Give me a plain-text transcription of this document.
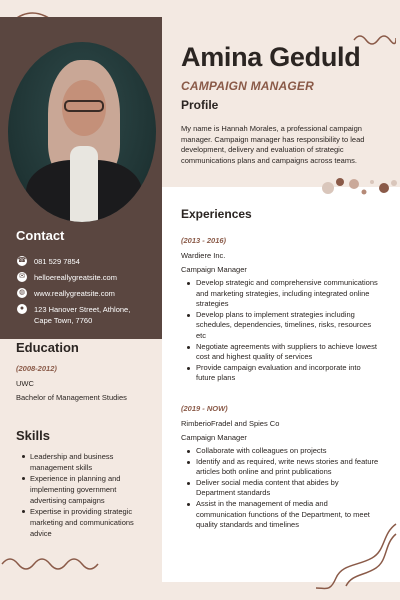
Contact
☎ 081 529 7854
✉ helloereallygreatsite.com
◍ www.reallygreatsite.com
●	123 Hanover Street, Athlone, Cape Town, 7760
Education
(2008-2012)
UWC
Bachelor of Management Studies
Skills
Leadership and business management skills
Experience in planning and implementing government advertising campaigns
Expertise in providing strategic marketing and communications advice
Amina Geduld
CAMPAIGN MANAGER
Profile
My name is Hannah Morales, a professional campaign manager. Campaign manager has responsibility to lead development, delivery and evaluation of strategic communications plans and campaigns across teams.
Experiences
(2013 - 2016)
Wardiere Inc.
Campaign Manager
Develop strategic and comprehensive communications and marketing strategies, including integrated online strategies
Develop plans to implement strategies including schedules, dependencies, timelines, risks, resources etc
Negotiate agreements with suppliers to achieve lowest cost and highest quality of services
Provide campaign evaluation and incorporate into future plans
(2019 - NOW)
RimberioFradel and Spies Co
Campaign Manager
Collaborate with colleagues on projects
Identify and as required, write news stories and feature articles both online and print publications
Deliver social media content that abides by Department standards
Assist in the management of media and communication functions of the Department, to meet quality standards and timelines
